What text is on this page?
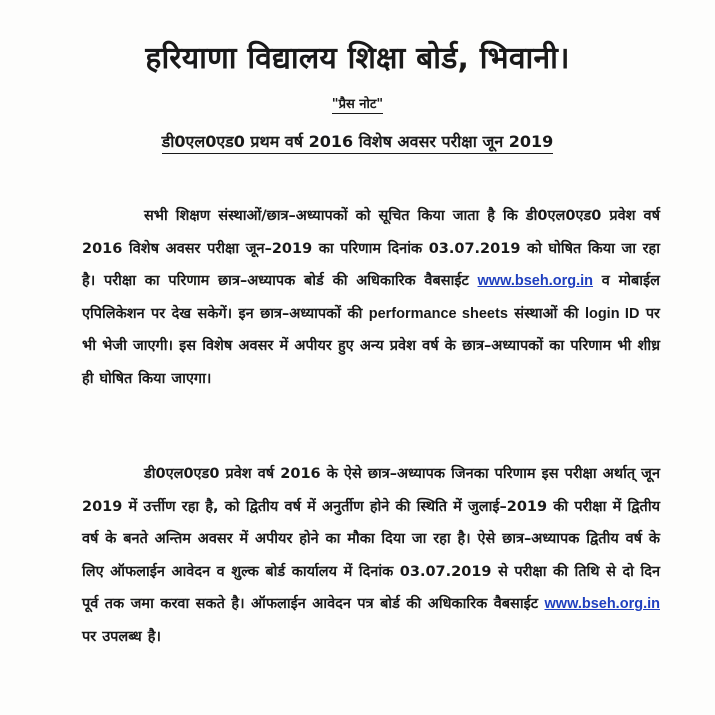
हरियाणा विद्यालय शिक्षा बोर्ड, भिवानी।
"प्रैस नोट"
डी0एल0एड0 प्रथम वर्ष 2016 विशेष अवसर परीक्षा जून 2019
सभी शिक्षण संस्थाओं/छात्र–अध्यापकों को सूचित किया जाता है कि डी0एल0एड0 प्रवेश वर्ष 2016 विशेष अवसर परीक्षा जून–2019 का परिणाम दिनांक 03.07.2019 को घोषित किया जा रहा है। परीक्षा का परिणाम छात्र–अध्यापक बोर्ड की अधिकारिक वैबसाईट www.bseh.org.in व मोबाईल एपिलिकेशन पर देख सकेगें। इन छात्र–अध्यापकों की performance sheets संस्थाओं की login ID पर भी भेजी जाएगी। इस विशेष अवसर में अपीयर हुए अन्य प्रवेश वर्ष के छात्र–अध्यापकों का परिणाम भी शीध्र ही घोषित किया जाएगा।
डी0एल0एड0 प्रवेश वर्ष 2016 के ऐसे छात्र–अध्यापक जिनका परिणाम इस परीक्षा अर्थात् जून 2019 में उर्त्तीण रहा है, को द्वितीय वर्ष में अनुर्तीण होने की स्थिति में जुलाई–2019 की परीक्षा में द्वितीय वर्ष के बनते अन्तिम अवसर में अपीयर होने का मौका दिया जा रहा है। ऐसे छात्र–अध्यापक द्वितीय वर्ष के लिए ऑफलाईन आवेदन व शुल्क बोर्ड कार्यालय में दिनांक 03.07.2019 से परीक्षा की तिथि से दो दिन पूर्व तक जमा करवा सकते है। ऑफलाईन आवेदन पत्र बोर्ड की अधिकारिक वैबसाईट www.bseh.org.in पर उपलब्ध है।
